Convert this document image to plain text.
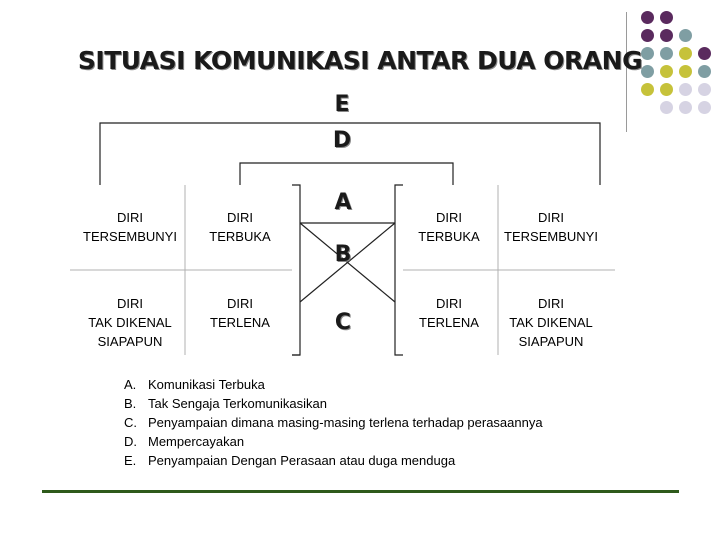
SITUASI KOMUNIKASI ANTAR DUA ORANG
E
D
A
B
C
DIRI
TERSEMBUNYI
DIRI
TERBUKA
DIRI
TAK DIKENAL
SIAPAPUN
DIRI
TERLENA
DIRI
TERBUKA
DIRI
TERSEMBUNYI
DIRI
TERLENA
DIRI
TAK DIKENAL
SIAPAPUN
A. Komunikasi Terbuka
B. Tak Sengaja Terkomunikasikan
C. Penyampaian dimana masing-masing terlena terhadap perasaannya
D. Mempercayakan
E. Penyampaian Dengan Perasaan atau duga menduga
